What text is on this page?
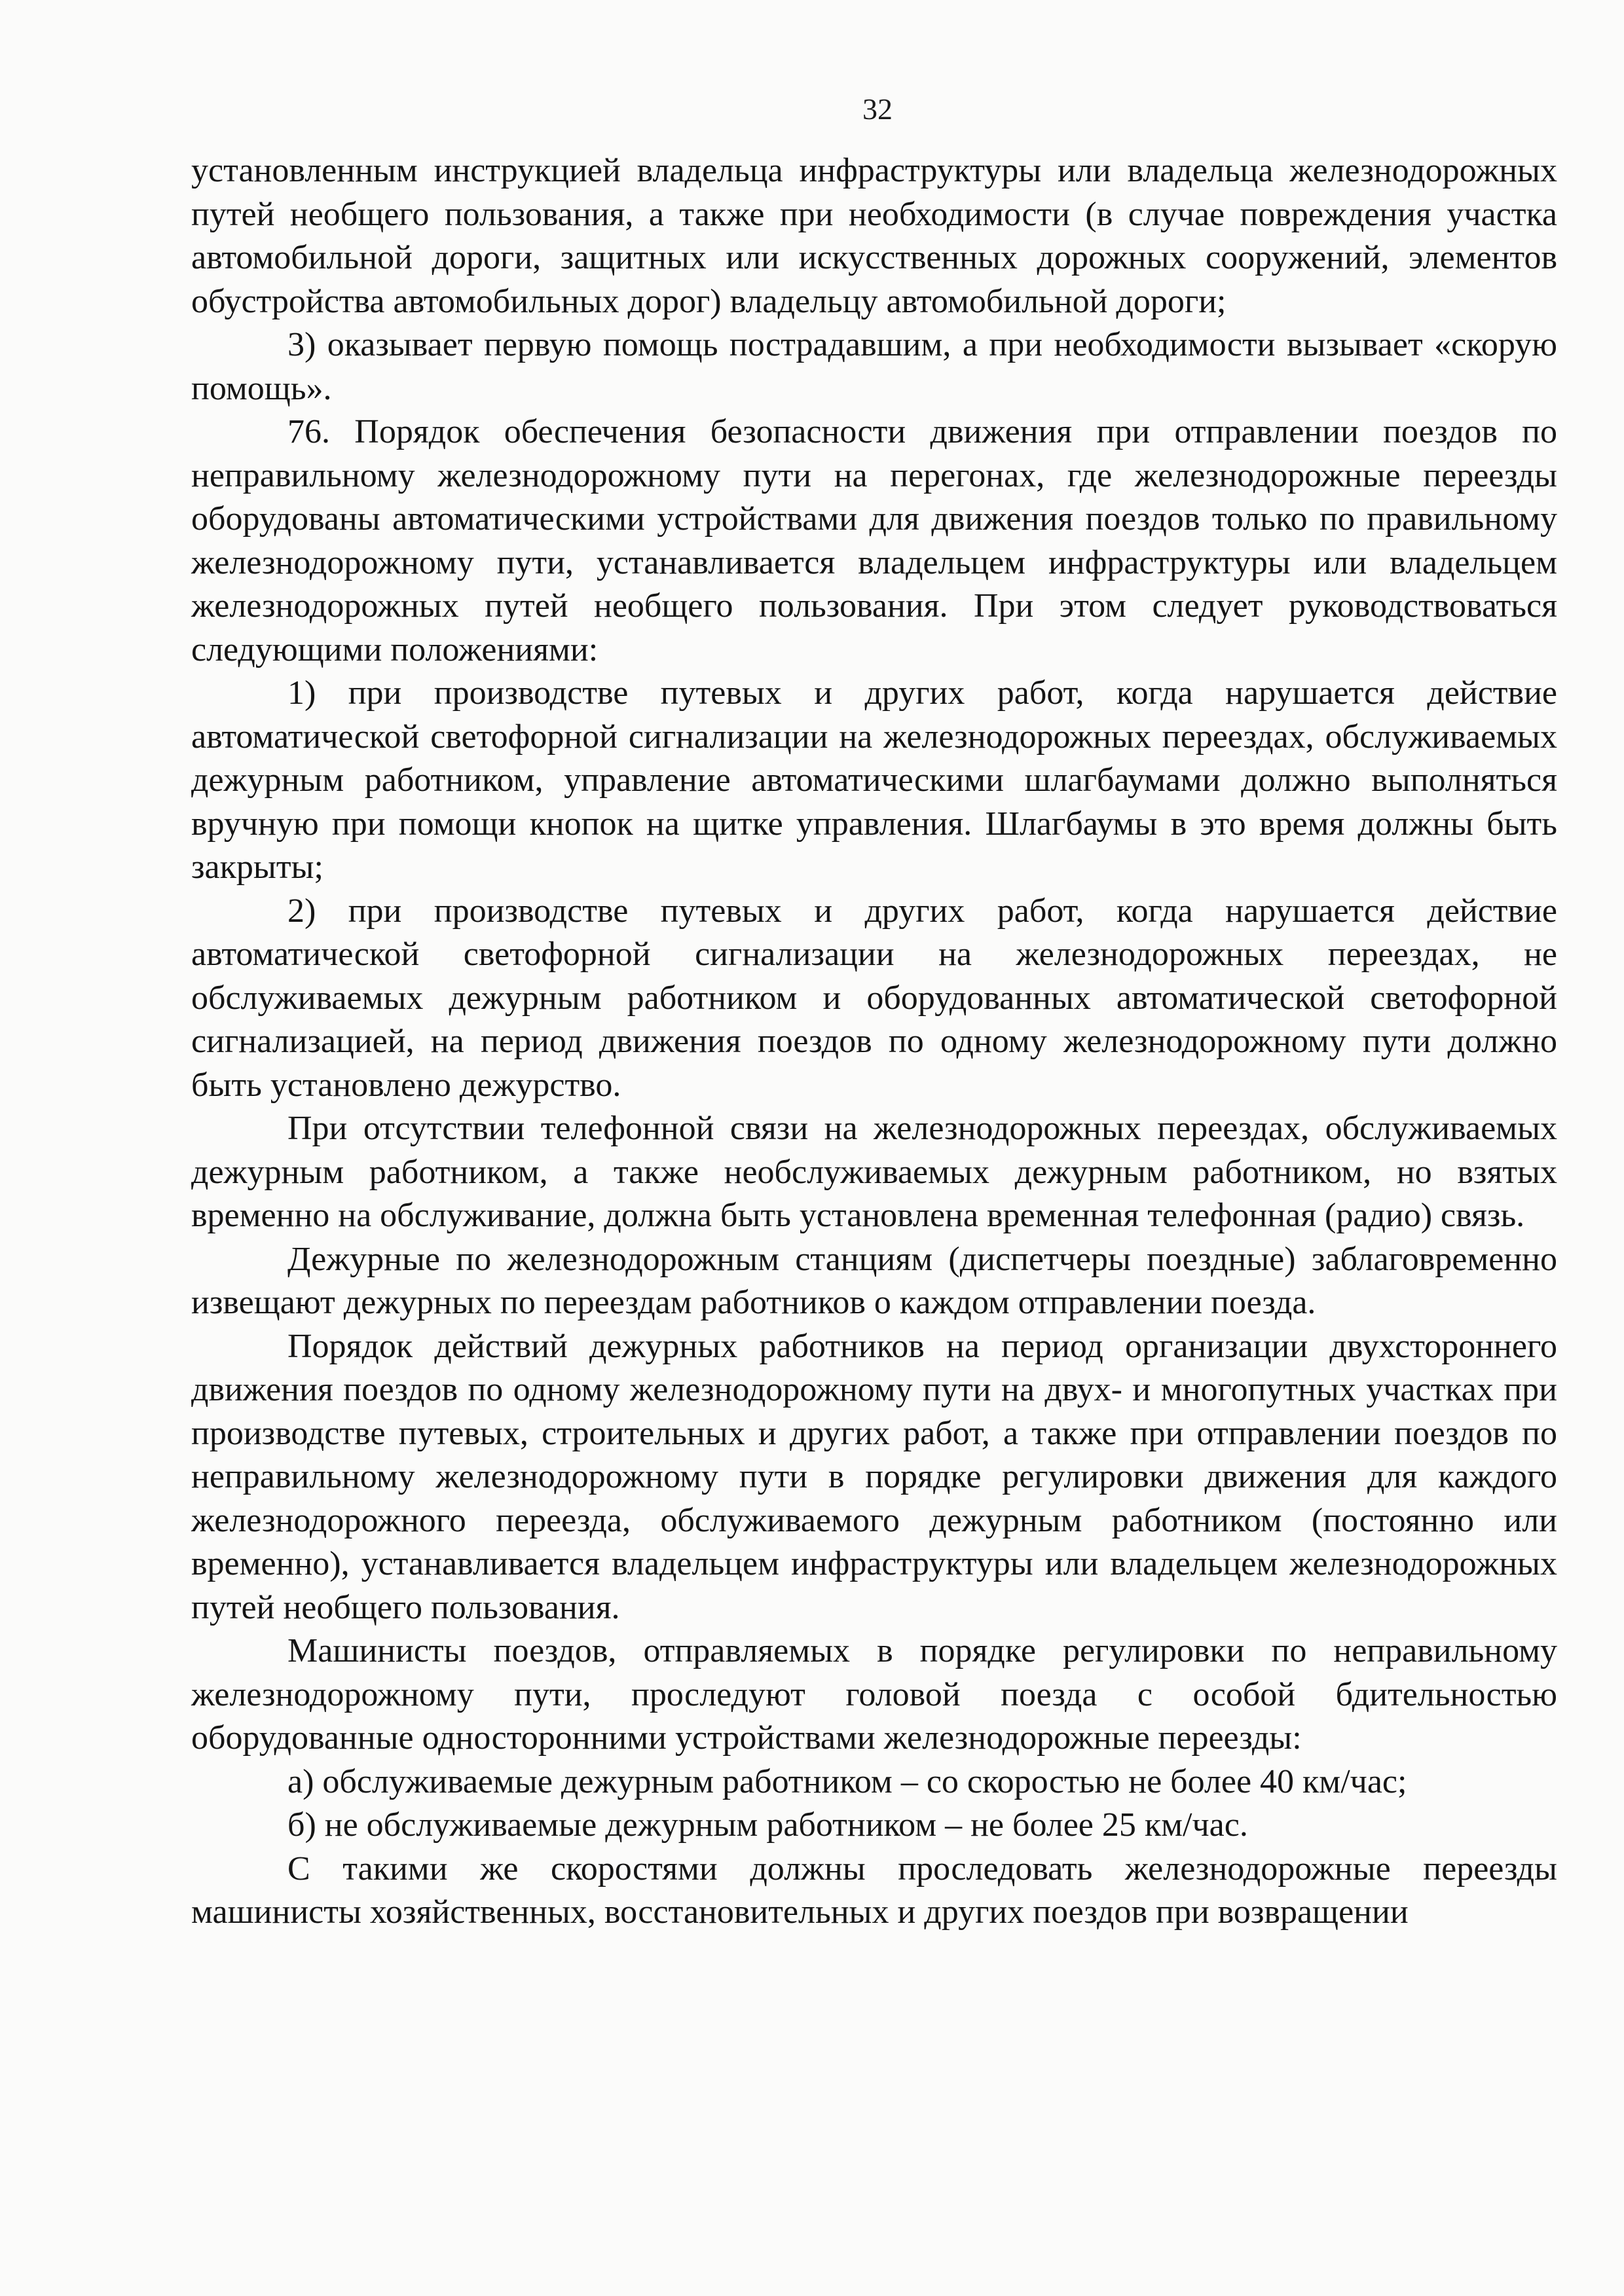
32

установленным инструкцией владельца инфраструктуры или владельца железнодорожных путей необщего пользования, а также при необходимости (в случае повреждения участка автомобильной дороги, защитных или искусственных дорожных сооружений, элементов обустройства автомобильных дорог) владельцу автомобильной дороги;

3) оказывает первую помощь пострадавшим, а при необходимости вызывает «скорую помощь».

76. Порядок обеспечения безопасности движения при отправлении поездов по неправильному железнодорожному пути на перегонах, где железнодорожные переезды оборудованы автоматическими устройствами для движения поездов только по правильному железнодорожному пути, устанавливается владельцем инфраструктуры или владельцем железнодорожных путей необщего пользования. При этом следует руководствоваться следующими положениями:

1) при производстве путевых и других работ, когда нарушается действие автоматической светофорной сигнализации на железнодорожных переездах, обслуживаемых дежурным работником, управление автоматическими шлагбаумами должно выполняться вручную при помощи кнопок на щитке управления. Шлагбаумы в это время должны быть закрыты;

2) при производстве путевых и других работ, когда нарушается действие автоматической светофорной сигнализации на железнодорожных переездах, не обслуживаемых дежурным работником и оборудованных автоматической светофорной сигнализацией, на период движения поездов по одному железнодорожному пути должно быть установлено дежурство.

При отсутствии телефонной связи на железнодорожных переездах, обслуживаемых дежурным работником, а также необслуживаемых дежурным работником, но взятых временно на обслуживание, должна быть установлена временная телефонная (радио) связь.

Дежурные по железнодорожным станциям (диспетчеры поездные) заблаговременно извещают дежурных по переездам работников о каждом отправлении поезда.

Порядок действий дежурных работников на период организации двухстороннего движения поездов по одному железнодорожному пути на двух- и многопутных участках при производстве путевых, строительных и других работ, а также при отправлении поездов по неправильному железнодорожному пути в порядке регулировки движения для каждого железнодорожного переезда, обслуживаемого дежурным работником (постоянно или временно), устанавливается владельцем инфраструктуры или владельцем железнодорожных путей необщего пользования.

Машинисты поездов, отправляемых в порядке регулировки по неправильному железнодорожному пути, проследуют головой поезда с особой бдительностью оборудованные односторонними устройствами железнодорожные переезды:

а) обслуживаемые дежурным работником – со скоростью не более 40 км/час;

б) не обслуживаемые дежурным работником – не более 25 км/час.

С такими же скоростями должны проследовать железнодорожные переезды машинисты хозяйственных, восстановительных и других поездов при возвращении
